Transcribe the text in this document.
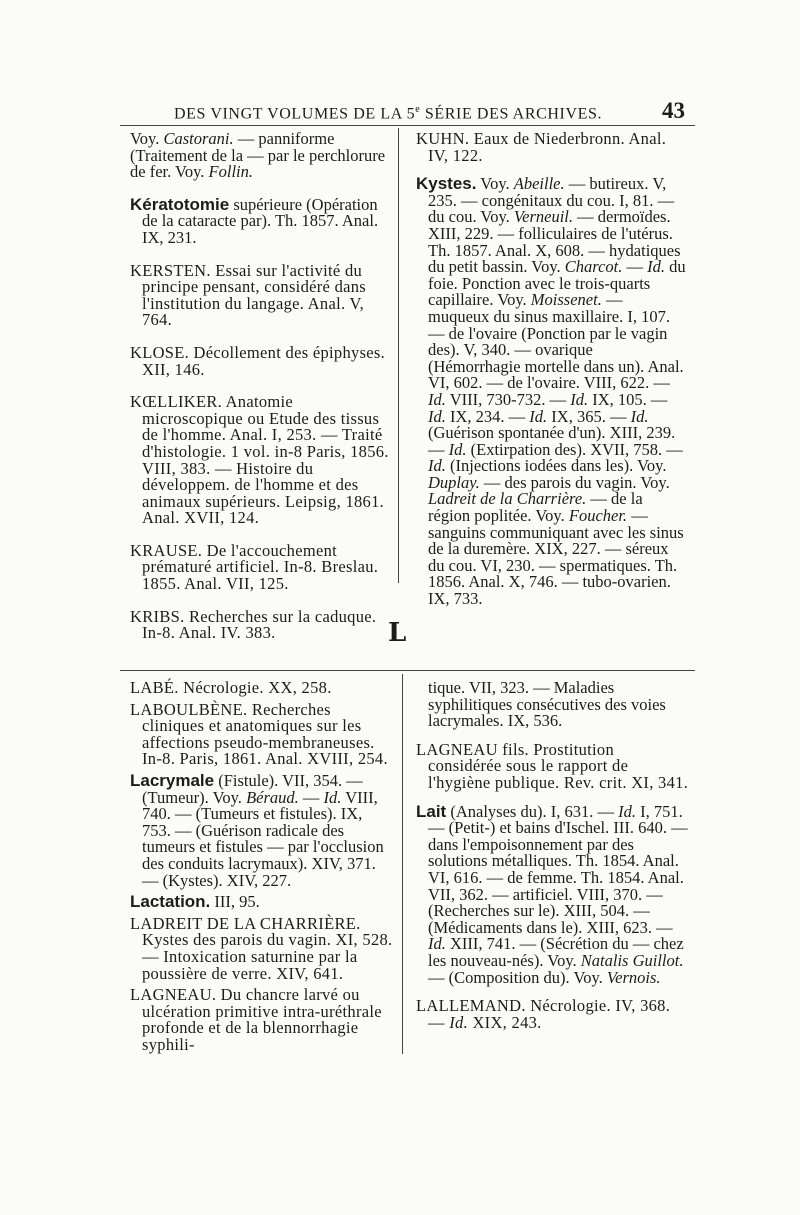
DES VINGT VOLUMES DE LA 5e SÉRIE DES ARCHIVES.	43

Voy. Castorani. — panniforme (Traitement de la — par le perchlorure de fer. Voy. Follin.

Kératotomie supérieure (Opération de la cataracte par). Th. 1857. Anal. IX, 231.

KERSTEN. Essai sur l'activité du principe pensant, considéré dans l'institution du langage. Anal. V, 764.

KLOSE. Décollement des épiphyses. XII, 146.

KŒLLIKER. Anatomie microscopique ou Etude des tissus de l'homme. Anal. I, 253. — Traité d'histologie. 1 vol. in-8 Paris, 1856. VIII, 383. — Histoire du développem. de l'homme et des animaux supérieurs. Leipsig, 1861. Anal. XVII, 124.

KRAUSE. De l'accouchement prématuré artificiel. In-8. Breslau. 1855. Anal. VII, 125.

KRIBS. Recherches sur la caduque. In-8. Anal. IV. 383.

KUHN. Eaux de Niederbronn. Anal. IV, 122.

Kystes. Voy. Abeille. — butireux. V, 235. — congénitaux du cou. I, 81. — du cou. Voy. Verneuil. — dermoïdes. XIII, 229. — folliculaires de l'utérus. Th. 1857. Anal. X, 608. — hydatiques du petit bassin. Voy. Charcot. — Id. du foie. Ponction avec le trois-quarts capillaire. Voy. Moissenet. — muqueux du sinus maxillaire. I, 107. — de l'ovaire (Ponction par le vagin des). V, 340. — ovarique (Hémorrhagie mortelle dans un). Anal. VI, 602. — de l'ovaire. VIII, 622. — Id. VIII, 730-732. — Id. IX, 105. — Id. IX, 234. — Id. IX, 365. — Id. (Guérison spontanée d'un). XIII, 239. — Id. (Extirpation des). XVII, 758. — Id. (Injections iodées dans les). Voy. Duplay. — des parois du vagin. Voy. Ladreit de la Charrière. — de la région poplitée. Voy. Foucher. — sanguins communiquant avec les sinus de la duremère. XIX, 227. — séreux du cou. VI, 230. — spermatiques. Th. 1856. Anal. X, 746. — tubo-ovarien. IX, 733.

L

LABÉ. Nécrologie. XX, 258.

LABOULBÈNE. Recherches cliniques et anatomiques sur les affections pseudo-membraneuses. In-8. Paris, 1861. Anal. XVIII, 254.

Lacrymale (Fistule). VII, 354. — (Tumeur). Voy. Béraud. — Id. VIII, 740. — (Tumeurs et fistules). IX, 753. — (Guérison radicale des tumeurs et fistules — par l'occlusion des conduits lacrymaux). XIV, 371. — (Kystes). XIV, 227.

Lactation. III, 95.

LADREIT DE LA CHARRIÈRE. Kystes des parois du vagin. XI, 528. — Intoxication saturnine par la poussière de verre. XIV, 641.

LAGNEAU. Du chancre larvé ou ulcération primitive intra-uréthrale profonde et de la blennorrhagie syphili-

tique. VII, 323. — Maladies syphilitiques consécutives des voies lacrymales. IX, 536.

LAGNEAU fils. Prostitution considérée sous le rapport de l'hygiène publique. Rev. crit. XI, 341.

Lait (Analyses du). I, 631. — Id. I, 751. — (Petit-) et bains d'Ischel. III. 640. — dans l'empoisonnement par des solutions métalliques. Th. 1854. Anal. VI, 616. — de femme. Th. 1854. Anal. VII, 362. — artificiel. VIII, 370. — (Recherches sur le). XIII, 504. — (Médicaments dans le). XIII, 623. — Id. XIII, 741. — (Sécrétion du — chez les nouveau-nés). Voy. Natalis Guillot. — (Composition du). Voy. Vernois.

LALLEMAND. Nécrologie. IV, 368. — Id. XIX, 243.
